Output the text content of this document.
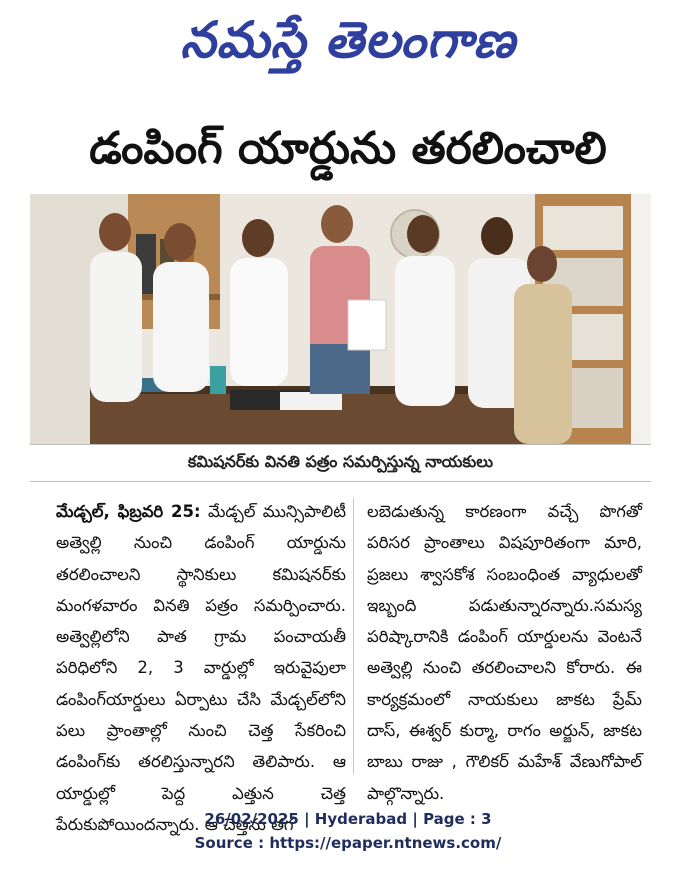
నమస్తే తెలంగాణ
డంపింగ్ యార్డును తరలించాలి
కమిషనర్‌కు వినతి పత్రం సమర్పిస్తున్న నాయకులు
మేడ్చల్, ఫిబ్రవరి 25: మేడ్చల్ మున్సిపాలిటీ అత్వెల్లి నుంచి డంపింగ్ యార్డును తరలించాలని స్థానికులు కమిషనర్‌కు మంగళవారం వినతి పత్రం సమర్పించారు. అత్వెల్లిలోని పాత గ్రామ పంచాయతీ పరిధిలోని 2, 3 వార్డుల్లో ఇరువైపులా డంపింగ్‌యార్డులు ఏర్పాటు చేసి మేడ్చల్‌లోని పలు ప్రాంతాల్లో నుంచి చెత్త సేకరించి డంపింగ్‌కు తరలిస్తున్నారని తెలిపారు. ఆ యార్డుల్లో పెద్ద ఎత్తున చెత్త పేరుకుపోయిందన్నారు. ఆ చెత్తను తగ
లబెడుతున్న కారణంగా వచ్చే పొగతో పరిసర ప్రాంతాలు విషపూరితంగా మారి, ప్రజలు శ్వాసకోశ సంబంధింత వ్యాధులతో ఇబ్బంది పడుతున్నారన్నారు.సమస్య పరిష్కారానికి డంపింగ్ యార్డులను వెంటనే అత్వెల్లి నుంచి తరలించాలని కోరారు. ఈ కార్యక్రమంలో నాయకులు జాకట ప్రేమ్ దాస్, ఈశ్వర్ కుర్మా, రాగం అర్జున్, జాకట బాబు రాజు , గౌలికర్ మహేశ్ వేణుగోపాల్ పాల్గొన్నారు.
26/02/2025 | Hyderabad | Page : 3
Source : https://epaper.ntnews.com/
